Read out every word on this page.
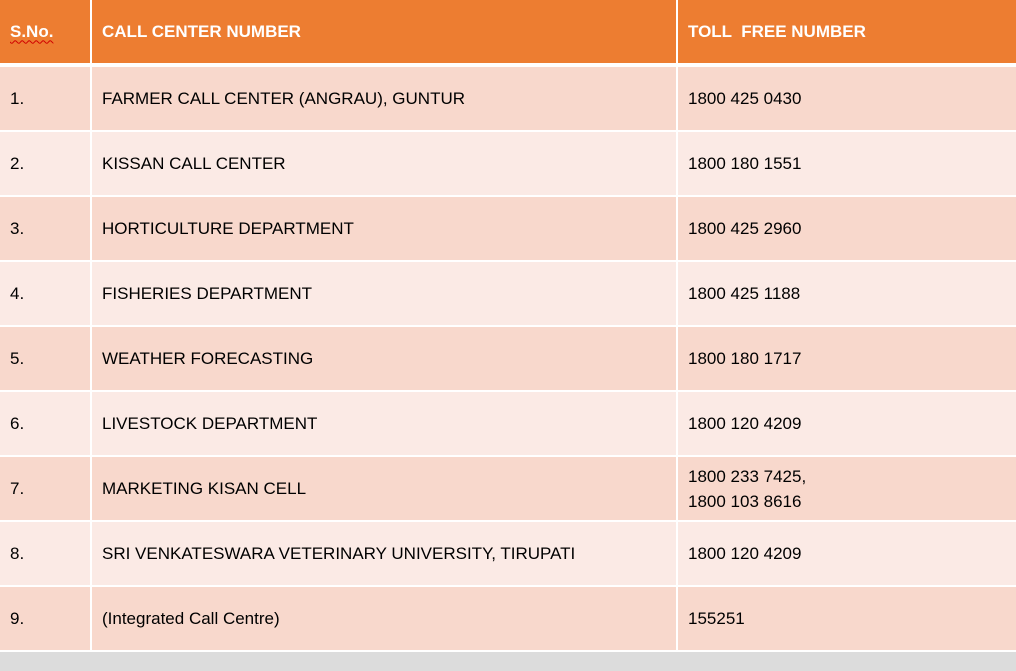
S.No.	CALL CENTER NUMBER	TOLL  FREE NUMBER
1.	FARMER CALL CENTER (ANGRAU), GUNTUR	1800 425 0430
2.	KISSAN CALL CENTER	1800 180 1551
3.	HORTICULTURE DEPARTMENT	1800 425 2960
4.	FISHERIES DEPARTMENT	1800 425 1188
5.	WEATHER FORECASTING	1800 180 1717
6.	LIVESTOCK DEPARTMENT	1800 120 4209
7.	MARKETING KISAN CELL	1800 233 7425,
1800 103 8616
8.	SRI VENKATESWARA VETERINARY UNIVERSITY, TIRUPATI	1800 120 4209
9.	(Integrated Call Centre)	155251
